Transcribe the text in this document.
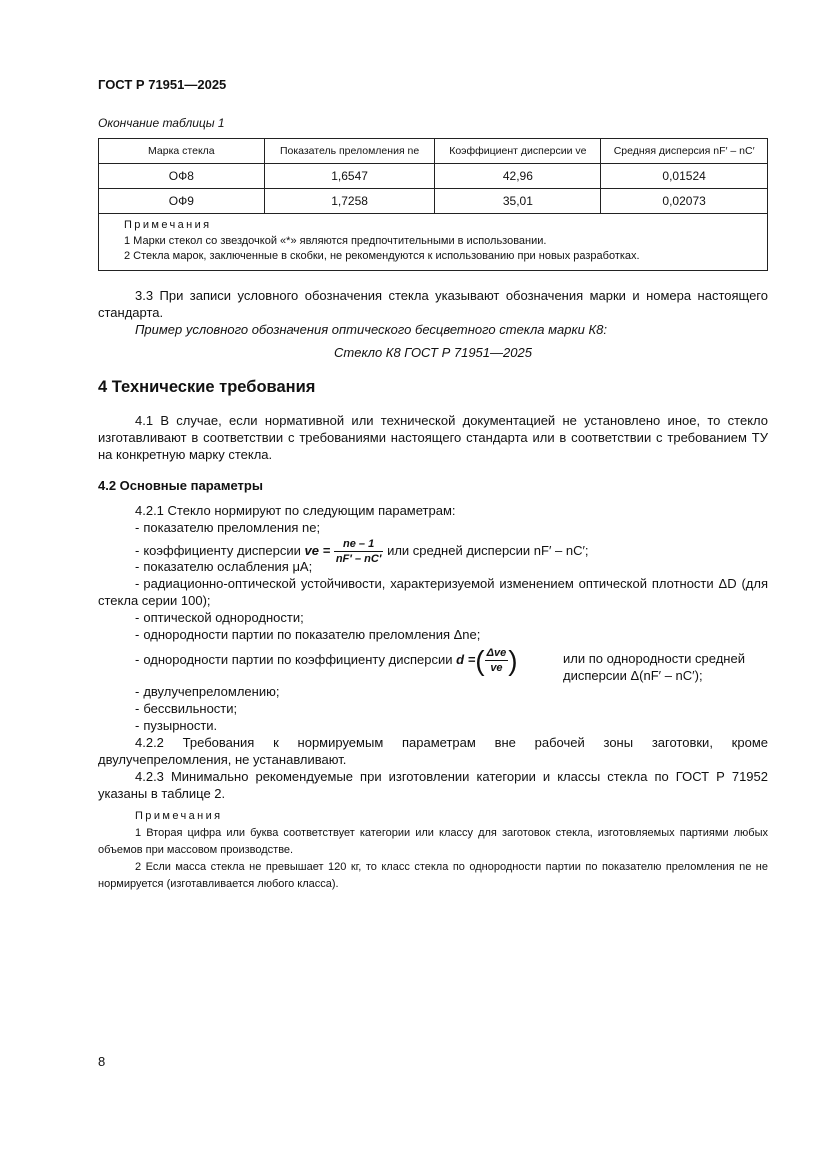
ГОСТ Р 71951—2025
Окончание таблицы 1
Марка стекла	Показатель преломления nе	Коэффициент дисперсии vе	Средняя дисперсия nF′ – nC′
ОФ8	1,6547	42,96	0,01524
ОФ9	1,7258	35,01	0,02073

Примечания
1 Марки стекол со звездочкой «*» являются предпочтительными в использовании.
2 Стекла марок, заключенные в скобки, не рекомендуются к использованию при новых разработках.			
3.3 При записи условного обозначения стекла указывают обозначения марки и номера настоящего стандарта.
Пример условного обозначения оптического бесцветного стекла марки К8:
Стекло К8 ГОСТ Р 71951—2025
4 Технические требования
4.1 В случае, если нормативной или технической документацией не установлено иное, то стекло изготавливают в соответствии с требованиями настоящего стандарта или в соответствии с требованием ТУ на конкретную марку стекла.
4.2 Основные параметры
4.2.1 Стекло нормируют по следующим параметрам:
- показателю преломления nе;
- коэффициенту дисперсии vе = $\frac{nе - 1}{nF' - nC'}$ или средней дисперсии nF′ – nC′;
- показателю ослабления μA;
- радиационно-оптической устойчивости, характеризуемой изменением оптической плотности ΔD (для стекла серии 100);
- оптической однородности;
- однородности партии по показателю преломления Δnе;
- однородности партии по коэффициенту дисперсии d =( $\frac{\text{Δvе}}{vе}$ )	или по однородности средней дисперсии Δ(nF′ – nC′);
- двулучепреломлению;
- бессвильности;
- пузырности.
4.2.2 Требования к нормируемым параметрам вне рабочей зоны заготовки, кроме двулучепреломления, не устанавливают.
4.2.3 Минимально рекомендуемые при изготовлении категории и классы стекла по ГОСТ Р 71952 указаны в таблице 2.
Примечания
1 Вторая цифра или буква соответствует категории или классу для заготовок стекла, изготовляемых партиями любых объемов при массовом производстве.
2 Если масса стекла не превышает 120 кг, то класс стекла по однородности партии по показателю преломления nе не нормируется (изготавливается любого класса).
8
